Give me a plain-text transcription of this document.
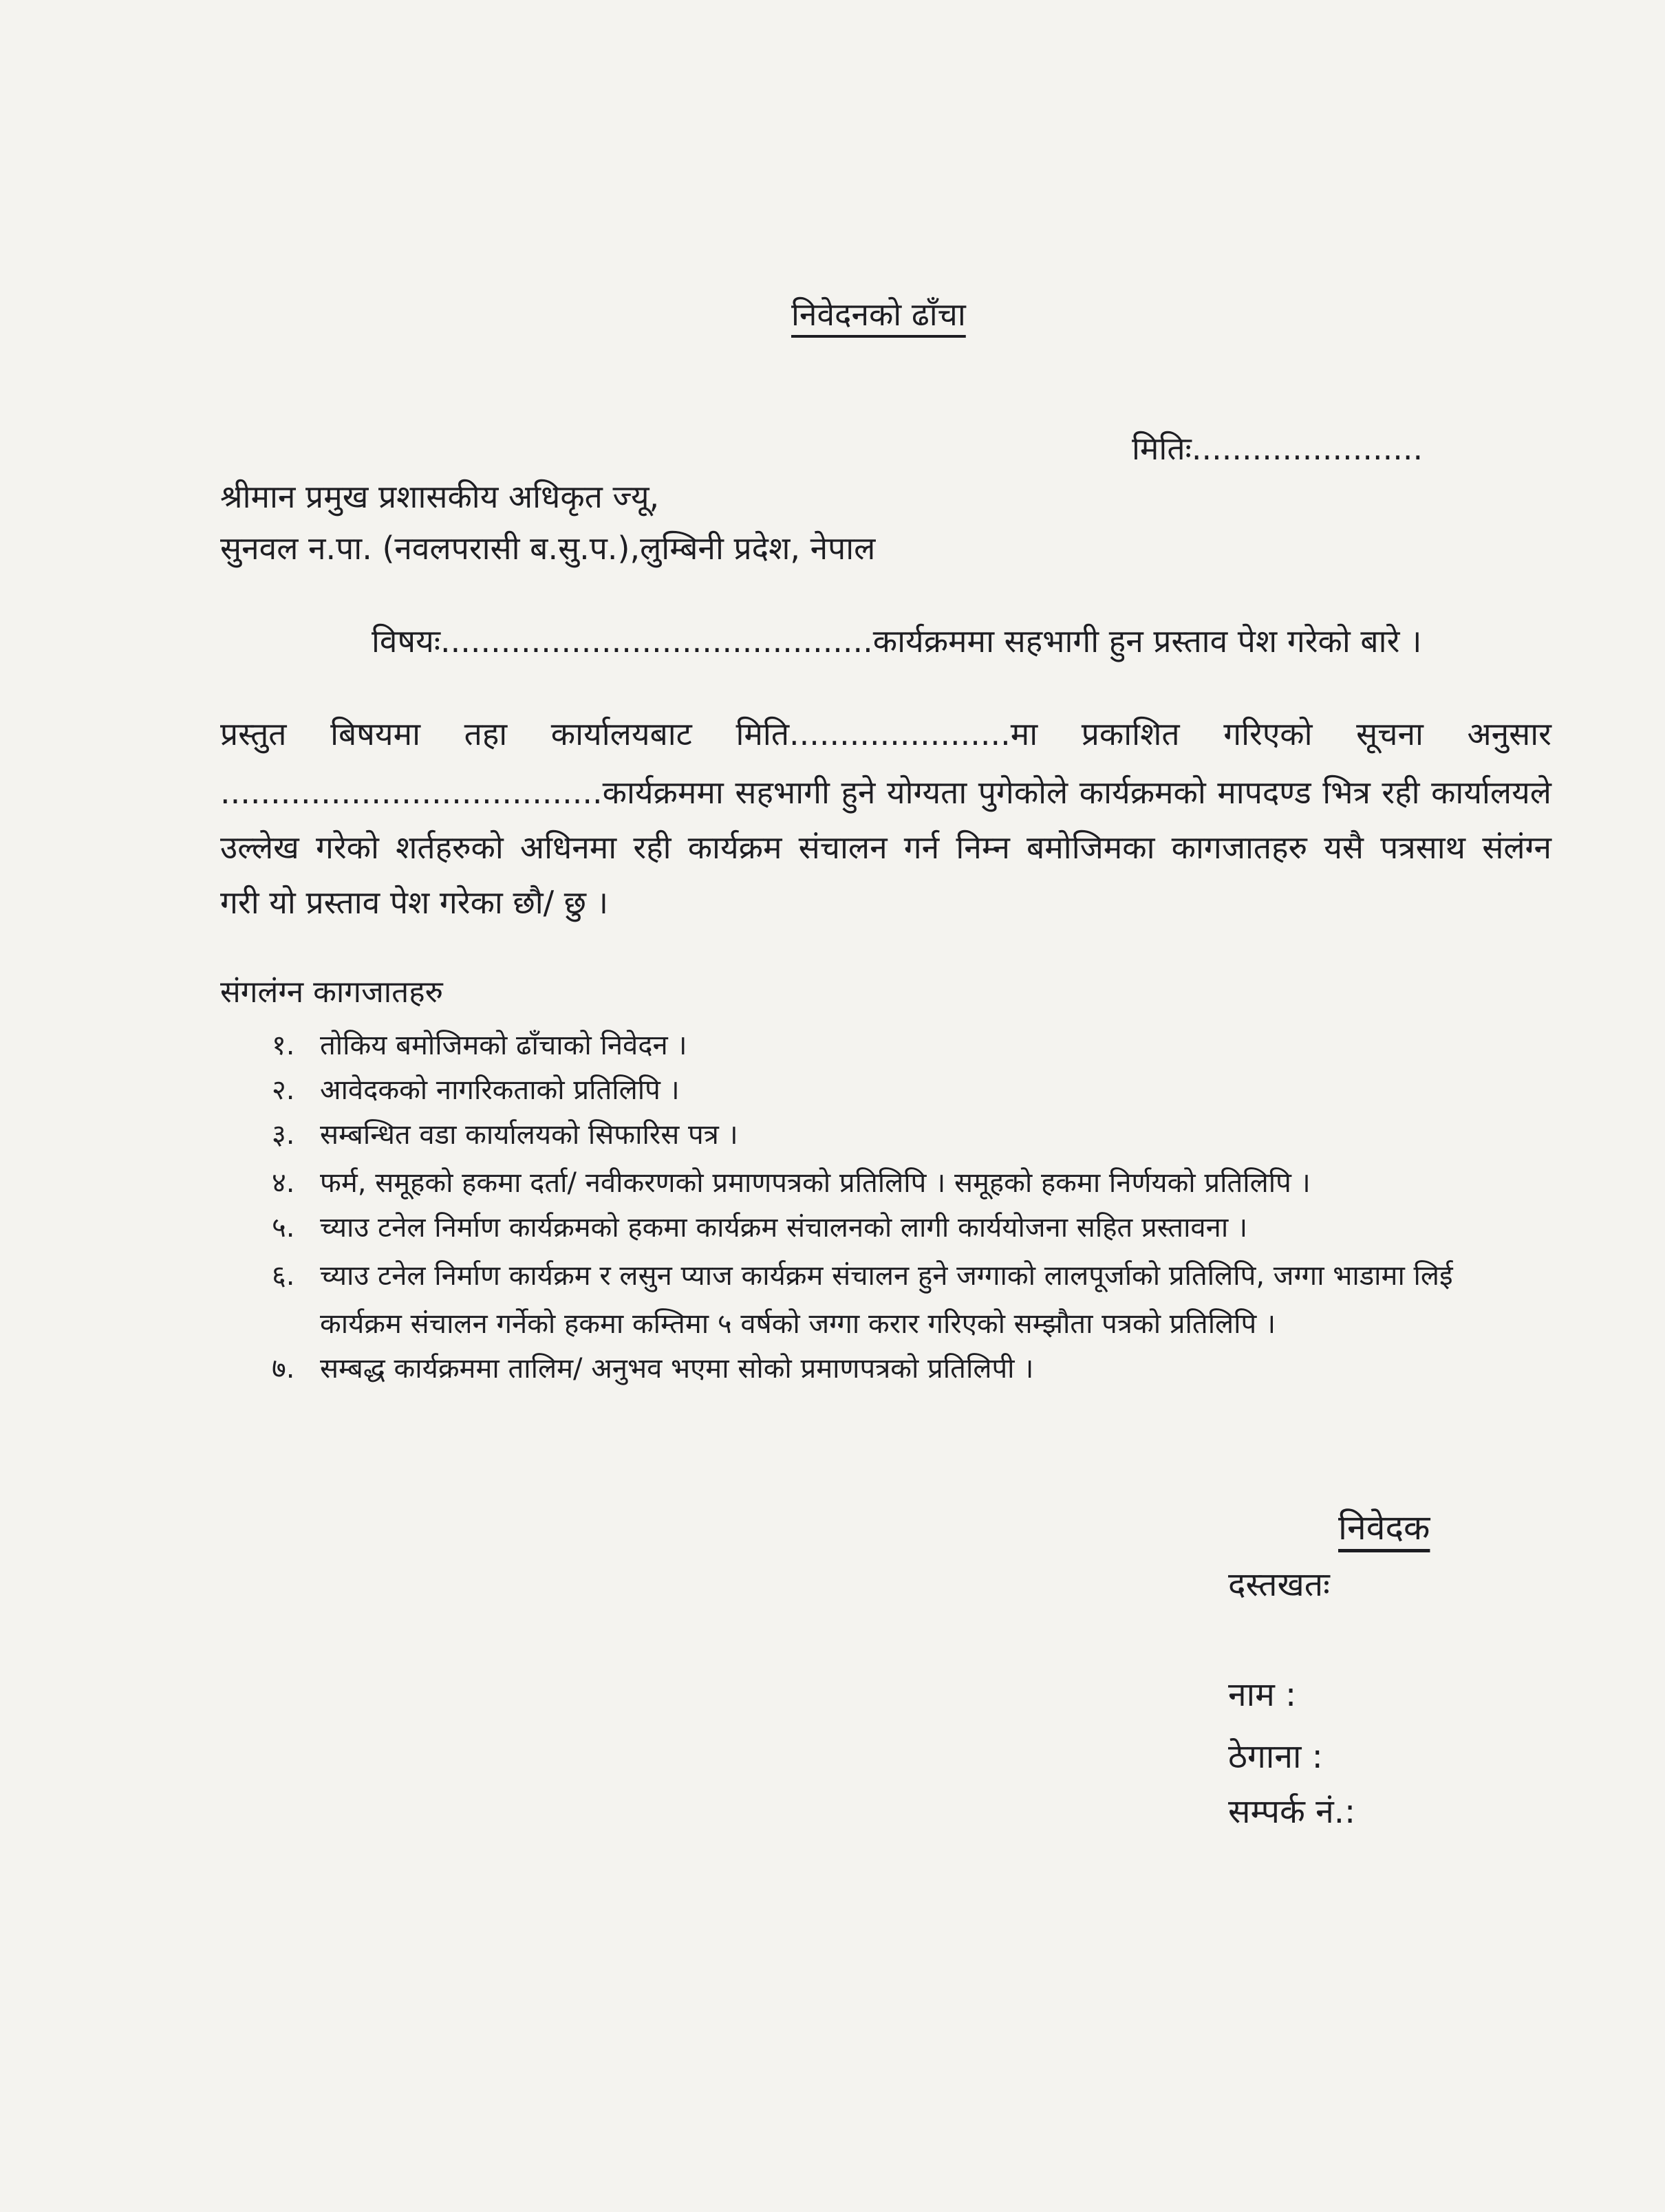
निवेदनको ढाँचा
मितिः.......................
श्रीमान प्रमुख प्रशासकीय अधिकृत ज्यू,
सुनवल न.पा. (नवलपरासी ब.सु.प.),लुम्बिनी प्रदेश, नेपाल
विषयः...........................................कार्यक्रममा सहभागी हुन प्रस्ताव पेश गरेको बारे ।
प्रस्तुत बिषयमा तहा कार्यालयबाट मिति......................मा प्रकाशित गरिएको सूचना अनुसार
......................................कार्यक्रममा सहभागी हुने योग्यता पुगेकोले कार्यक्रमको मापदण्ड भित्र रही कार्यालयले
उल्लेख गरेको शर्तहरुको अधिनमा रही कार्यक्रम संचालन गर्न निम्न बमोजिमका कागजातहरु यसै पत्रसाथ संलंग्न
गरी यो प्रस्ताव पेश गरेका छौ/ छु ।
संगलंग्न कागजातहरु
१. तोकिय बमोजिमको ढाँचाको निवेदन ।
२. आवेदकको नागरिकताको प्रतिलिपि ।
३. सम्बन्धित वडा कार्यालयको सिफारिस पत्र ।
४. फर्म, समूहको हकमा दर्ता/ नवीकरणको प्रमाणपत्रको प्रतिलिपि । समूहको हकमा निर्णयको प्रतिलिपि ।
५. च्याउ टनेल निर्माण कार्यक्रमको हकमा कार्यक्रम संचालनको लागी कार्ययोजना सहित प्रस्तावना ।
६. च्याउ टनेल निर्माण कार्यक्रम र लसुन प्याज कार्यक्रम संचालन हुने जग्गाको लालपूर्जाको प्रतिलिपि, जग्गा भाडामा लिई
कार्यक्रम संचालन गर्नेको हकमा कम्तिमा ५ वर्षको जग्गा करार गरिएको सम्झौता पत्रको प्रतिलिपि ।
७. सम्बद्ध कार्यक्रममा तालिम/ अनुभव भएमा सोको प्रमाणपत्रको प्रतिलिपी ।
निवेदक
दस्तखतः
नाम :
ठेगाना :
सम्पर्क नं.:
